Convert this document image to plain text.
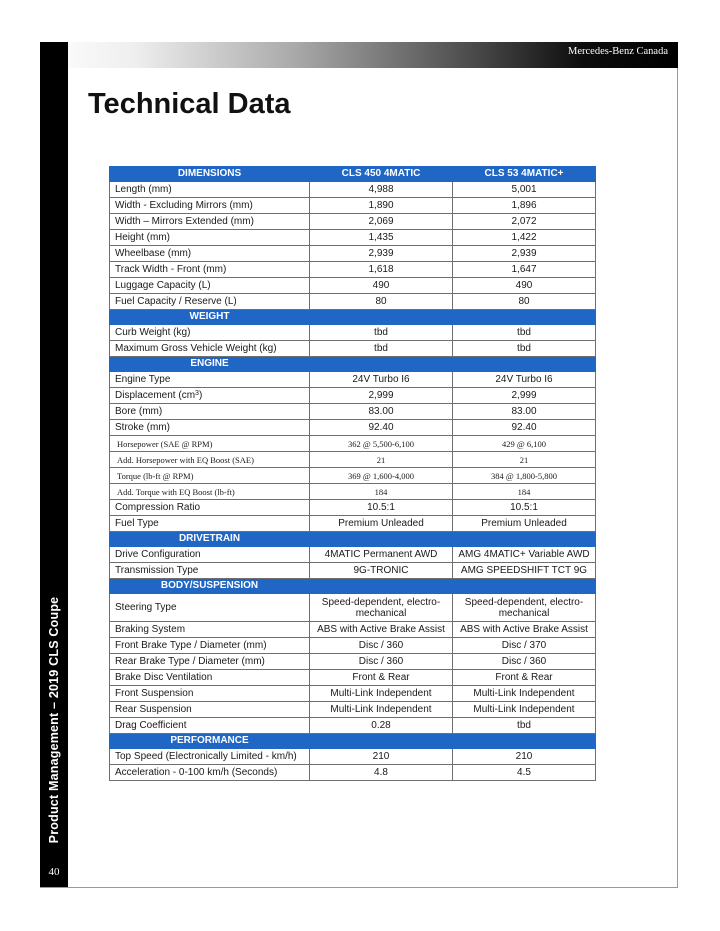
Mercedes-Benz Canada
Product Management – 2019 CLS Coupe
40
Technical Data
DIMENSIONS	CLS 450 4MATIC	CLS 53 4MATIC+
Length (mm)	4,988	5,001
Width - Excluding Mirrors (mm)	1,890	1,896
Width – Mirrors Extended (mm)	2,069	2,072
Height (mm)	1,435	1,422
Wheelbase (mm)	2,939	2,939
Track Width - Front (mm)	1,618	1,647
Luggage Capacity (L)	490	490
Fuel Capacity / Reserve (L)	80	80
WEIGHT		
Curb Weight (kg)	tbd	tbd
Maximum Gross Vehicle Weight (kg)	tbd	tbd
ENGINE		
Engine Type	24V Turbo I6	24V Turbo I6
Displacement $(cm^3)$	2,999	2,999
Bore (mm)	83.00	83.00
Stroke (mm)	92.40	92.40
Horsepower (SAE @ RPM)	362 @ 5,500-6,100	429 @ 6,100
Add. Horsepower with EQ Boost (SAE)	21	21
Torque (lb-ft @ RPM)	369 @ 1,600-4,000	384 @ 1,800-5,800
Add. Torque with EQ Boost (lb-ft)	184	184
Compression Ratio	10.5:1	10.5:1
Fuel Type	Premium Unleaded	Premium Unleaded
DRIVETRAIN		
Drive Configuration	4MATIC Permanent AWD	AMG 4MATIC+ Variable AWD
Transmission Type	9G-TRONIC	AMG SPEEDSHIFT TCT 9G
BODY/SUSPENSION		
Steering Type	Speed-dependent, electro-mechanical	Speed-dependent, electro-mechanical
Braking System	ABS with Active Brake Assist	ABS with Active Brake Assist
Front Brake Type / Diameter (mm)	Disc / 360	Disc / 370
Rear Brake Type / Diameter (mm)	Disc / 360	Disc / 360
Brake Disc Ventilation	Front & Rear	Front & Rear
Front Suspension	Multi-Link Independent	Multi-Link Independent
Rear Suspension	Multi-Link Independent	Multi-Link Independent
Drag Coefficient	0.28	tbd
PERFORMANCE		
Top Speed (Electronically Limited - km/h)	210	210
Acceleration - 0-100 km/h (Seconds)	4.8	4.5
